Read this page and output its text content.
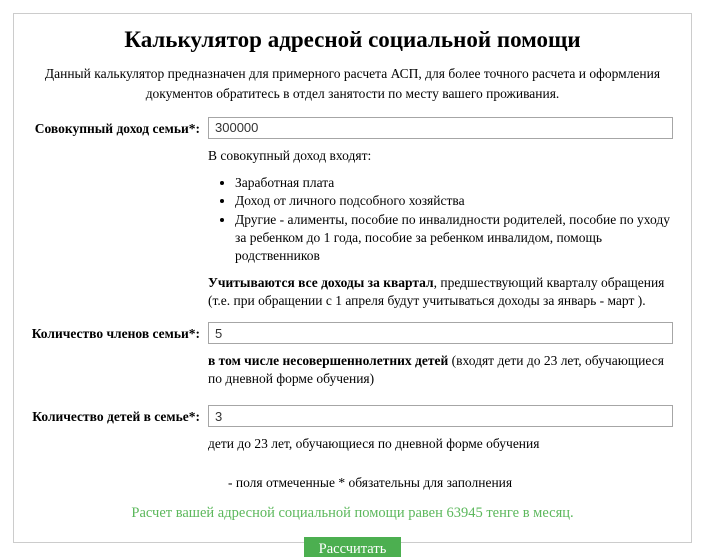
Калькулятор адресной социальной помощи

Данный калькулятор предназначен для примерного расчета АСП, для более точного расчета и оформления документов обратитесь в отдел занятости по месту вашего проживания.

Совокупный доход семьи*:
300000

В совокупный доход входят:

• Заработная плата
• Доход от личного подсобного хозяйства
• Другие - алименты, пособие по инвалидности родителей, пособие по уходу за ребенком до 1 года, пособие за ребенком инвалидом, помощь родственников

Учитываются все доходы за квартал, предшествующий кварталу обращения (т.е. при обращении с 1 апреля будут учитываться доходы за январь - март ).

Количество членов семьи*:
5

в том числе несовершеннолетних детей (входят дети до 23 лет, обучающиеся по дневной форме обучения)

Количество детей в семье*:
3

дети до 23 лет, обучающиеся по дневной форме обучения

- поля отмеченные * обязательны для заполнения
Расчет вашей адресной социальной помощи равен 63945 тенге в месяц.
Рассчитать
